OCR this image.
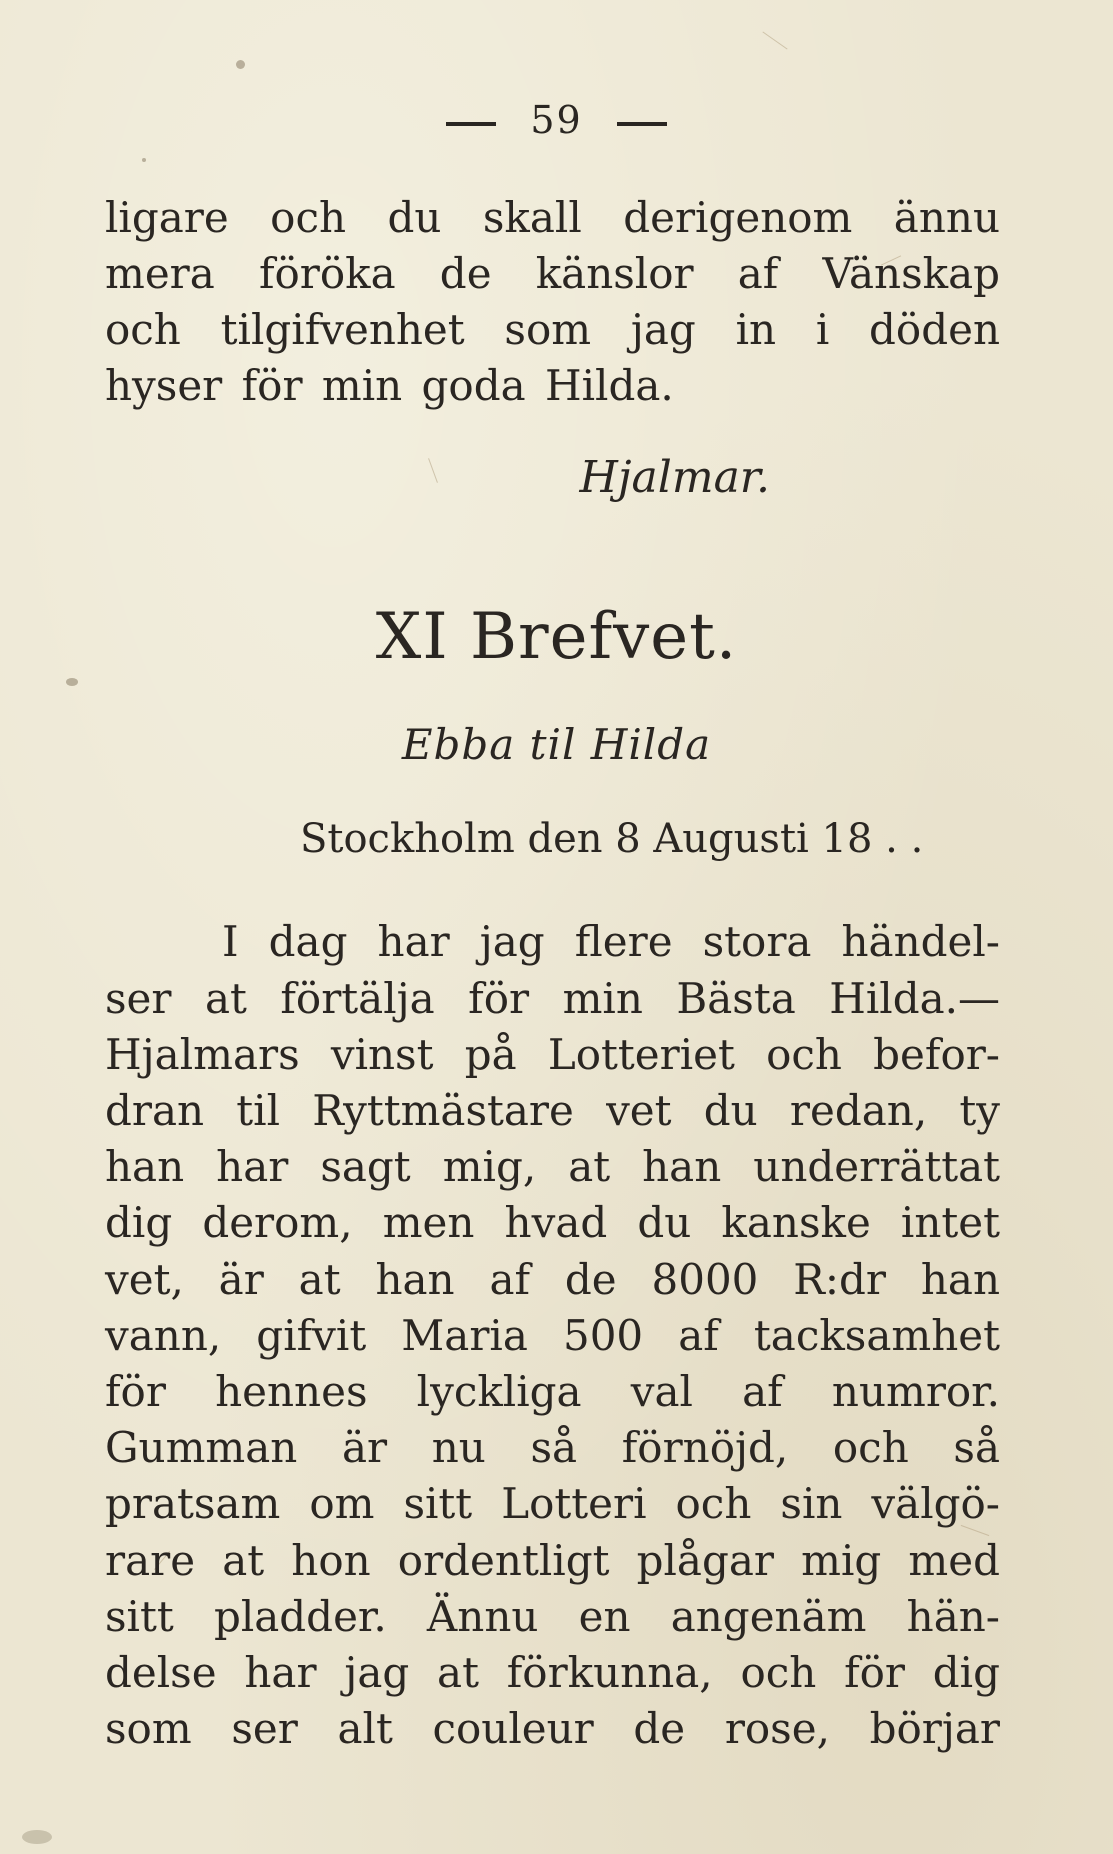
59
ligare och du skall derigenom ännu
mera föröka de känslor af Vänskap
och tilgifvenhet som jag in i döden
hyser för min goda Hilda.
Hjalmar.
XI Brefvet.
Ebba til Hilda
Stockholm den 8 Augusti 18 . .
I dag har jag flere stora händel-
ser at förtälja för min Bästa Hilda.—
Hjalmars vinst på Lotteriet och befor-
dran til Ryttmästare vet du redan, ty
han har sagt mig, at han underrättat
dig derom, men hvad du kanske intet
vet, är at han af de 8000 R:dr han
vann, gifvit Maria 500 af tacksamhet
för hennes lyckliga val af numror.
Gumman är nu så förnöjd, och så
pratsam om sitt Lotteri och sin välgö-
rare at hon ordentligt plågar mig med
sitt pladder. Ännu en angenäm hän-
delse har jag at förkunna, och för dig
som ser alt couleur de rose, börjar
